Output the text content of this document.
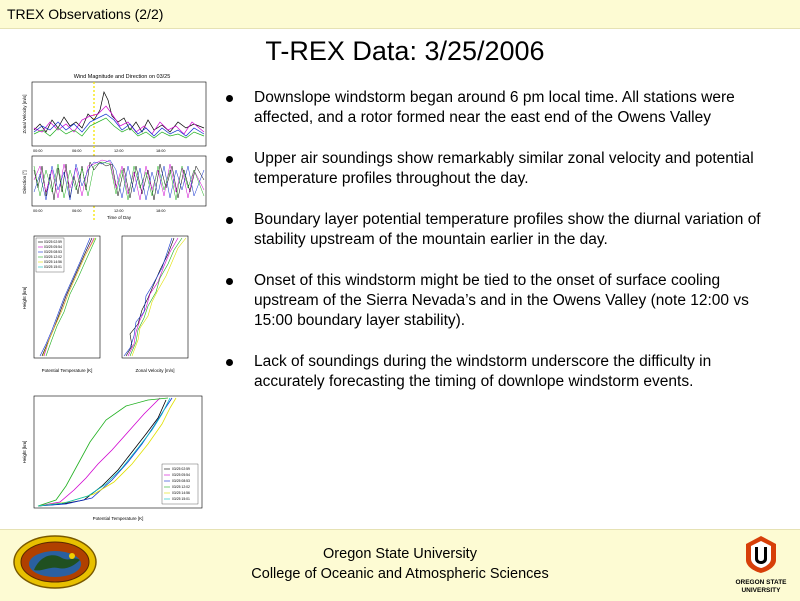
TREX Observations (2/2)
T-REX Data: 3/25/2006
Wind Magnitude and Direction on 03/25
Zonal Velocity [m/s]
Direction [°]
00:00	06:00	12:00	18:00
00:00	06:00	12:00	18:00
Time of Day
Height [km]
03/25 02:59
03/25 05:54
03/25 08:53
03/25 12:02
03/25 14:56
03/25 15:01
Potential Temperature [K]	Zonal Velocity [m/s]
Height [km]
03/25 02:59
03/25 05:54
03/25 08:53
03/25 12:02
03/25 14:56
03/25 15:01
Potential Temperature [K]
Downslope windstorm began around 6 pm local time. All stations were affected, and a rotor formed near the east end of the Owens Valley
Upper air soundings show remarkably similar zonal velocity and potential temperature profiles throughout the day.
Boundary layer potential temperature profiles show the diurnal variation of stability upstream of the mountain earlier in the day.
Onset of this windstorm might be tied to the onset of surface cooling upstream of the Sierra Nevada’s and in the Owens Valley (note 12:00 vs 15:00 boundary layer stability).
Lack of soundings during the windstorm underscore the difficulty in accurately forecasting the timing of downlope windstorm events.
Oregon State University
College of Oceanic and Atmospheric Sciences
OREGON STATE
UNIVERSITY
